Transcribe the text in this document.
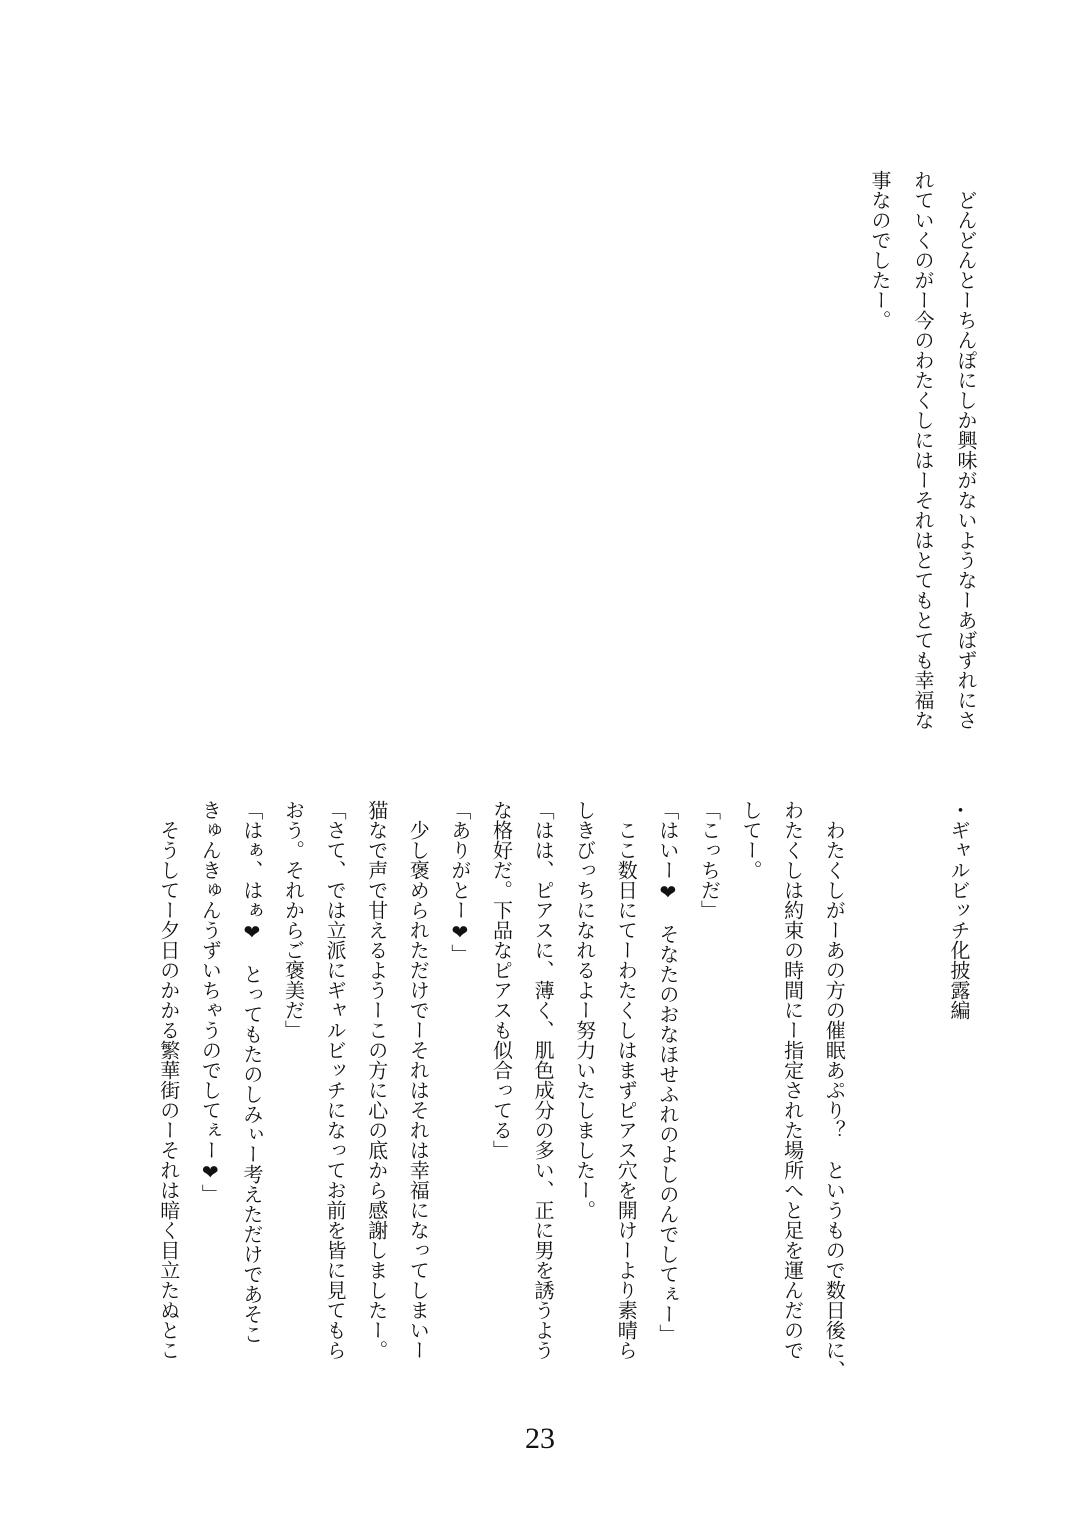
　どんどんとーちんぽにしか興味がないようなーあばずれにさ
れていくのがー今のわたくしにはーそれはとてもとても幸福な
事なのでしたー。
・ギャルビッチ化披露編
　わたくしがーあの方の催眠あぷり？　というもので数日後に、
わたくしは約束の時間にー指定された場所へと足を運んだので
してー。
「こっちだ」
「はいー❤　そなたのおなほせふれのよしのんでしてぇー」
　ここ数日にてーわたくしはまずピアス穴を開けーより素晴ら
しきびっちになれるよー努力いたしましたー。
「はは、ピアスに、薄く、肌色成分の多い、正に男を誘うよう
な格好だ。下品なピアスも似合ってる」
「ありがとー❤」
　少し褒められただけでーそれはそれは幸福になってしまいー
猫なで声で甘えるようーこの方に心の底から感謝しましたー。
「さて、では立派にギャルビッチになってお前を皆に見てもら
おう。それからご褒美だ」
「はぁ、はぁ❤　とってもたのしみぃー考えただけであそこ
きゅんきゅんうずいちゃうのでしてぇー❤」
　そうしてー夕日のかかる繁華街のーそれは暗く目立たぬとこ
23
